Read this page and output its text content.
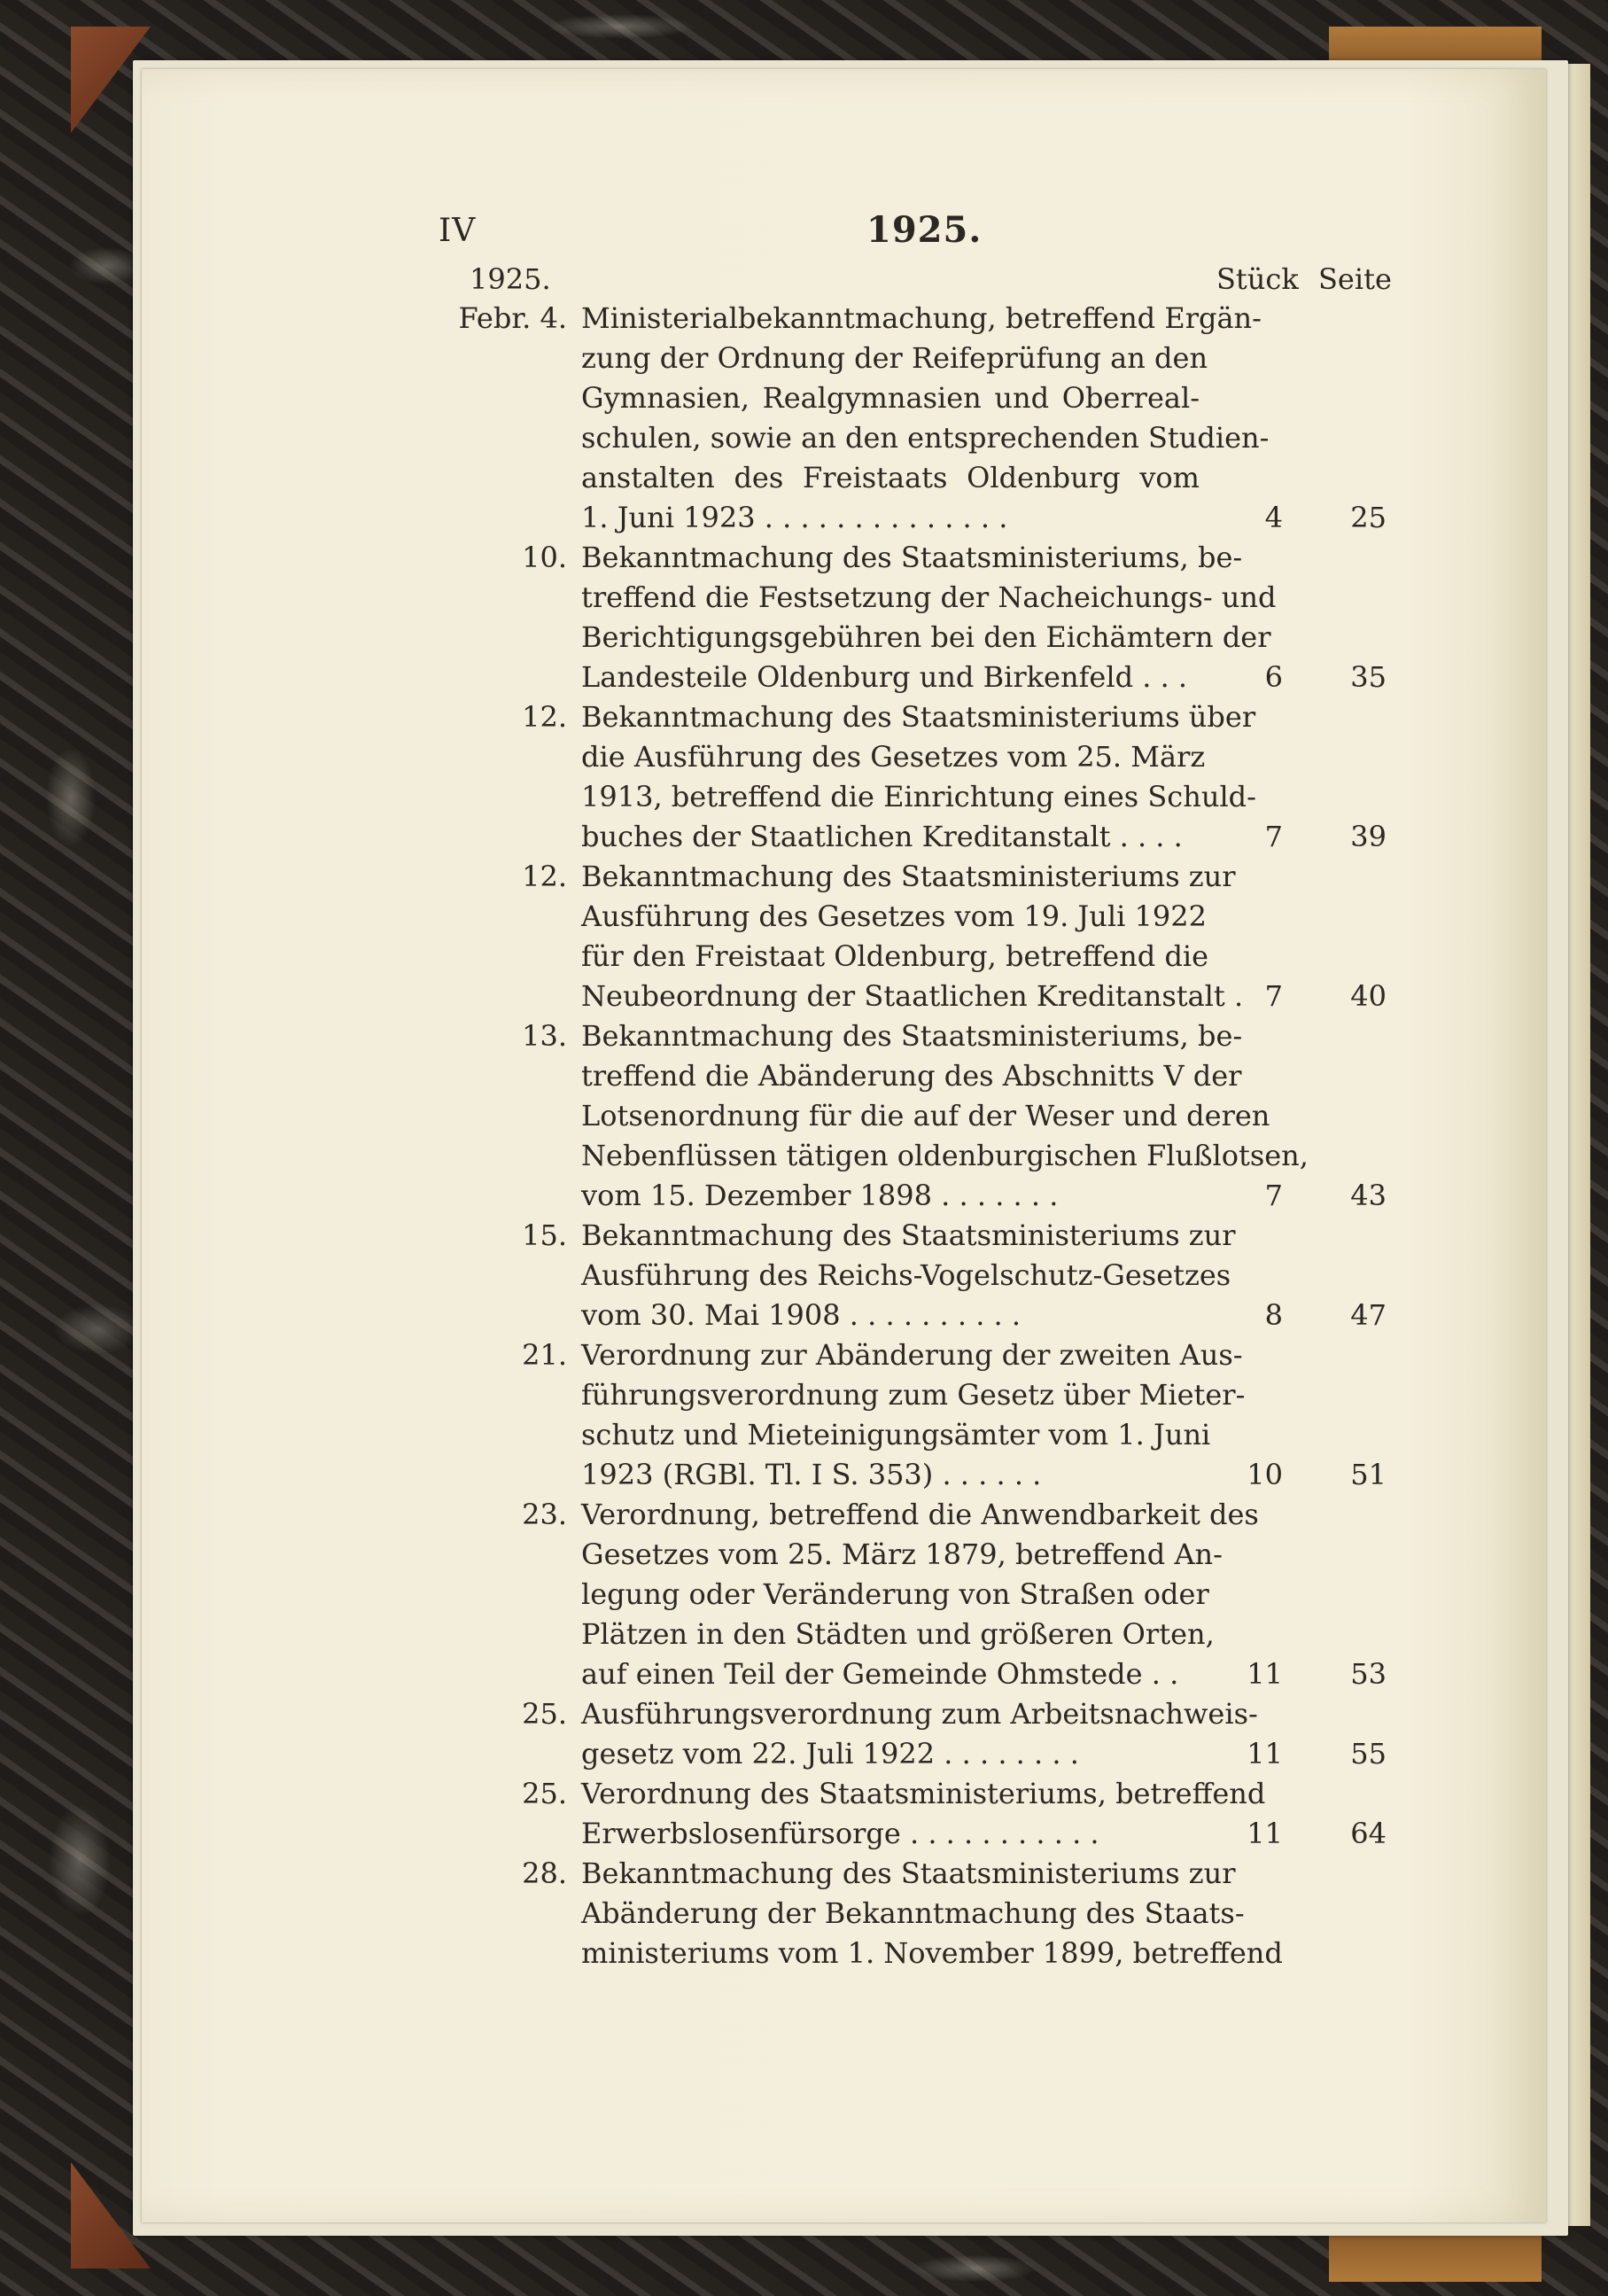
IV	1925.
1925.	Stück Seite
Febr. 4. Ministerialbekanntmachung, betreffend Ergän-
zung der Ordnung der Reifeprüfung an den
Gymnasien, Realgymnasien und Oberreal-
schulen, sowie an den entsprechenden Studien-
anstalten des Freistaats Oldenburg vom
1. Juni 1923 . . . . . . . . . . . . . .	4	25
10. Bekanntmachung des Staatsministeriums, be-
treffend die Festsetzung der Nacheichungs- und
Berichtigungsgebühren bei den Eichämtern der
Landesteile Oldenburg und Birkenfeld . . .	6	35
12. Bekanntmachung des Staatsministeriums über
die Ausführung des Gesetzes vom 25. März
1913, betreffend die Einrichtung eines Schuld-
buches der Staatlichen Kreditanstalt . . . .	7	39
12. Bekanntmachung des Staatsministeriums zur
Ausführung des Gesetzes vom 19. Juli 1922
für den Freistaat Oldenburg, betreffend die
Neubeordnung der Staatlichen Kreditanstalt . 7	40
13. Bekanntmachung des Staatsministeriums, be-
treffend die Abänderung des Abschnitts V der
Lotsenordnung für die auf der Weser und deren
Nebenflüssen tätigen oldenburgischen Flußlotsen,
vom 15. Dezember 1898 . . . . . . .	7	43
15. Bekanntmachung des Staatsministeriums zur
Ausführung des Reichs-Vogelschutz-Gesetzes
vom 30. Mai 1908 . . . . . . . . . .	8	47
21. Verordnung zur Abänderung der zweiten Aus-
führungsverordnung zum Gesetz über Mieter-
schutz und Mieteinigungsämter vom 1. Juni
1923 (RGBl. Tl. I S. 353) . . . . . .	10	51
23. Verordnung, betreffend die Anwendbarkeit des
Gesetzes vom 25. März 1879, betreffend An-
legung oder Veränderung von Straßen oder
Plätzen in den Städten und größeren Orten,
auf einen Teil der Gemeinde Ohmstede . .	11	53
25. Ausführungsverordnung zum Arbeitsnachweis-
gesetz vom 22. Juli 1922 . . . . . . . .	11	55
25. Verordnung des Staatsministeriums, betreffend
Erwerbslosenfürsorge . . . . . . . . . . .	11	64
28. Bekanntmachung des Staatsministeriums zur
Abänderung der Bekanntmachung des Staats-
ministeriums vom 1. November 1899, betreffend
